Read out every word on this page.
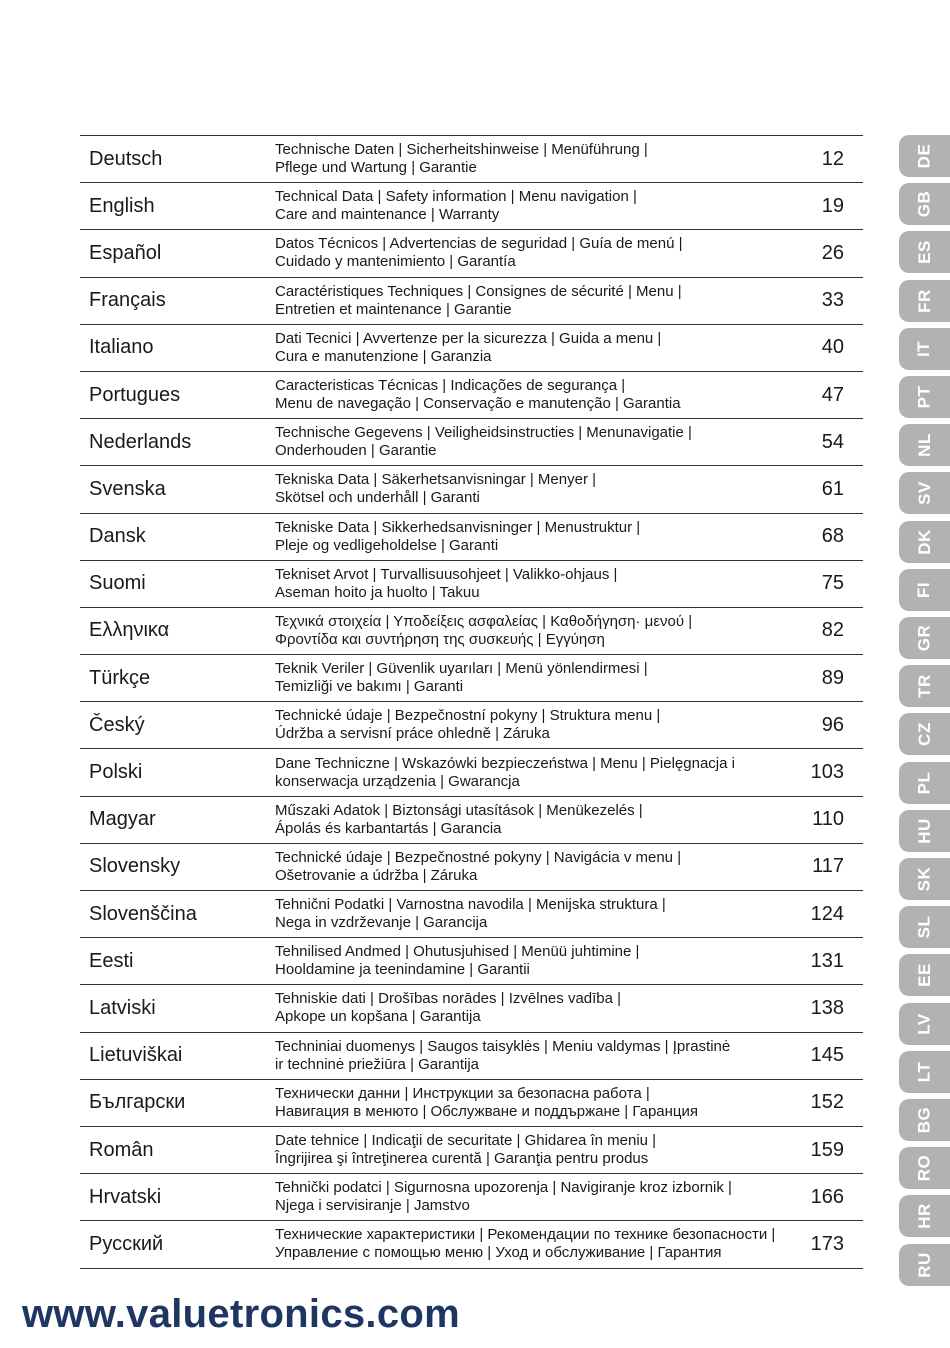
Deutsch	Technische Daten | Sicherheitshinweise | Menüführung |
Pflege und Wartung | Garantie	12
English	Technical Data | Safety information | Menu navigation |
Care and maintenance | Warranty	19
Español	Datos Técnicos | Advertencias de seguridad | Guía de menú |
Cuidado y mantenimiento | Garantía	26
Français	Caractéristiques Techniques | Consignes de sécurité | Menu |
Entretien et maintenance | Garantie	33
Italiano	Dati Tecnici | Avvertenze per la sicurezza | Guida a menu |
Cura e manutenzione | Garanzia	40
Portugues	Caracteristicas Técnicas | Indicações de segurança |
Menu de navegação | Conservação e manutenção | Garantia	47
Nederlands	Technische Gegevens | Veiligheidsinstructies | Menunavigatie |
Onderhouden | Garantie	54
Svenska	Tekniska Data | Säkerhetsanvisningar | Menyer |
Skötsel och underhåll | Garanti	61
Dansk	Tekniske Data | Sikkerhedsanvisninger | Menustruktur |
Pleje og vedligeholdelse | Garanti	68
Suomi	Tekniset Arvot | Turvallisuusohjeet | Valikko-ohjaus |
Aseman hoito ja huolto | Takuu	75
Ελληνικα	Τεχνικά στοιχεία | Υποδείξεις ασφαλείας | Καθοδήγηση· μενού |
Φροντίδα και συντήρηση της συσκευής | Εγγύηση	82
Türkçe	Teknik Veriler | Güvenlik uyarıları | Menü yönlendirmesi |
Temizliği ve bakımı | Garanti	89
Český	Technické údaje | Bezpečnostní pokyny | Struktura menu |
Údržba a servisní práce ohledně | Záruka	96
Polski	Dane Techniczne | Wskazówki bezpieczeństwa | Menu | Pielęgnacja i
konserwacja urządzenia | Gwarancja	103
Magyar	Műszaki Adatok | Biztonsági utasítások | Menükezelés |
Ápolás és karbantartás | Garancia	110
Slovensky	Technické údaje | Bezpečnostné pokyny | Navigácia v menu |
Ošetrovanie a údržba | Záruka	117
Slovenščina	Tehnični Podatki | Varnostna navodila | Menijska struktura |
Nega in vzdrževanje | Garancija	124
Eesti	Tehnilised Andmed | Ohutusjuhised | Menüü juhtimine |
Hooldamine ja teenindamine | Garantii	131
Latviski	Tehniskie dati | Drošības norādes | Izvēlnes vadība |
Apkope un kopšana | Garantija	138
Lietuviškai	Techniniai duomenys | Saugos taisyklės | Meniu valdymas | Įprastinė
ir techninė priežiūra | Garantija	145
Български	Технически данни | Инструкции за безопасна работа |
Навигация в менюто | Обслужване и поддържане | Гаранция	152
Român	Date tehnice | Indicaţii de securitate | Ghidarea în meniu |
Îngrijirea şi întreţinerea curentă | Garanţia pentru produs	159
Hrvatski	Tehnički podatci | Sigurnosna upozorenja | Navigiranje kroz izbornik |
Njega i servisiranje | Jamstvo	166
Русский	Технические характеристики | Рекомендации по технике безопасности |
Управление с помощью меню | Уход и обслуживание | Гарантия	173
DE
GB
ES
FR
IT
PT
NL
SV
DK
FI
GR
TR
CZ
PL
HU
SK
SL
EE
LV
LT
BG
RO
HR
RU
www.valuetronics.com
